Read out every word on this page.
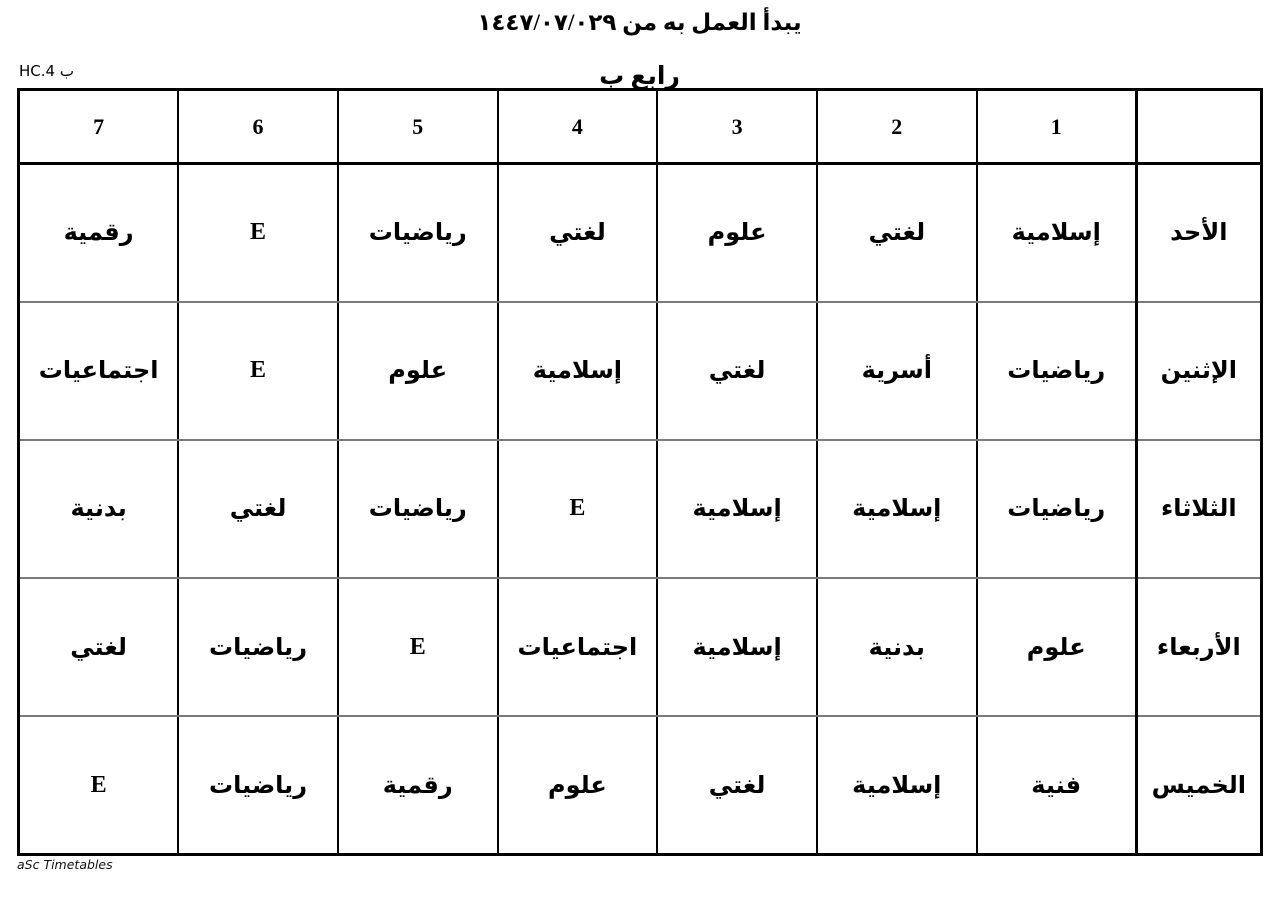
يبدأ العمل به من ١٤٤٧/٠٧/٠٢٩
HC.4 ب	رابع ب
7	6	5	4	3	2	1	
رقمية	E	رياضيات	لغتي	علوم	لغتي	إسلامية	الأحد
اجتماعيات	E	علوم	إسلامية	لغتي	أسرية	رياضيات	الإثنين
بدنية	لغتي	رياضيات	E	إسلامية	إسلامية	رياضيات	الثلاثاء
لغتي	رياضيات	E	اجتماعيات	إسلامية	بدنية	علوم	الأربعاء
E	رياضيات	رقمية	علوم	لغتي	إسلامية	فنية	الخميس
aSc Timetables
